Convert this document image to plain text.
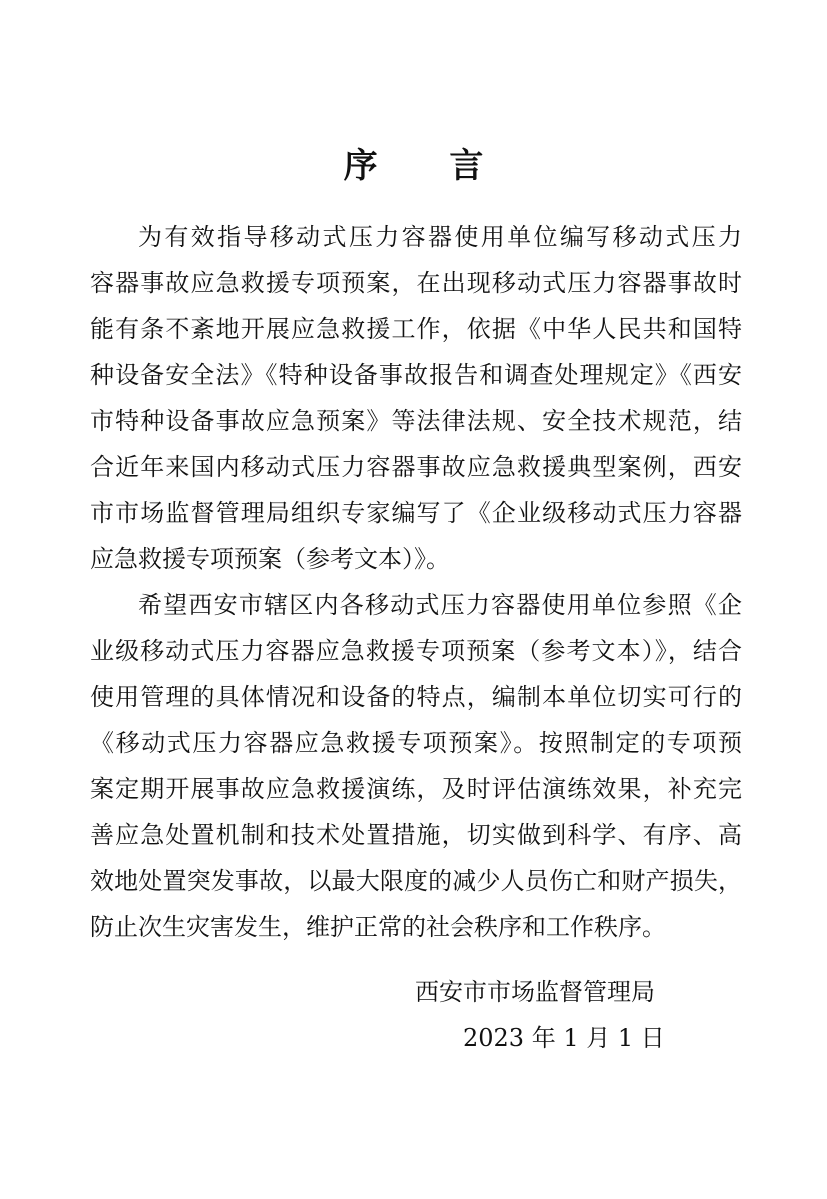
序 言

为有效指导移动式压力容器使用单位编写移动式压力
容器事故应急救援专项预案，在出现移动式压力容器事故时
能有条不紊地开展应急救援工作，依据《中华人民共和国特
种设备安全法》《特种设备事故报告和调查处理规定》《西安
市特种设备事故应急预案》等法律法规、安全技术规范，结
合近年来国内移动式压力容器事故应急救援典型案例，西安
市市场监督管理局组织专家编写了《企业级移动式压力容器
应急救援专项预案（参考文本）》。

希望西安市辖区内各移动式压力容器使用单位参照《企
业级移动式压力容器应急救援专项预案（参考文本）》，结合
使用管理的具体情况和设备的特点，编制本单位切实可行的
《移动式压力容器应急救援专项预案》。按照制定的专项预
案定期开展事故应急救援演练，及时评估演练效果，补充完
善应急处置机制和技术处置措施，切实做到科学、有序、高
效地处置突发事故，以最大限度的减少人员伤亡和财产损失，
防止次生灾害发生，维护正常的社会秩序和工作秩序。

西安市市场监督管理局
2023 年 1 月 1 日
